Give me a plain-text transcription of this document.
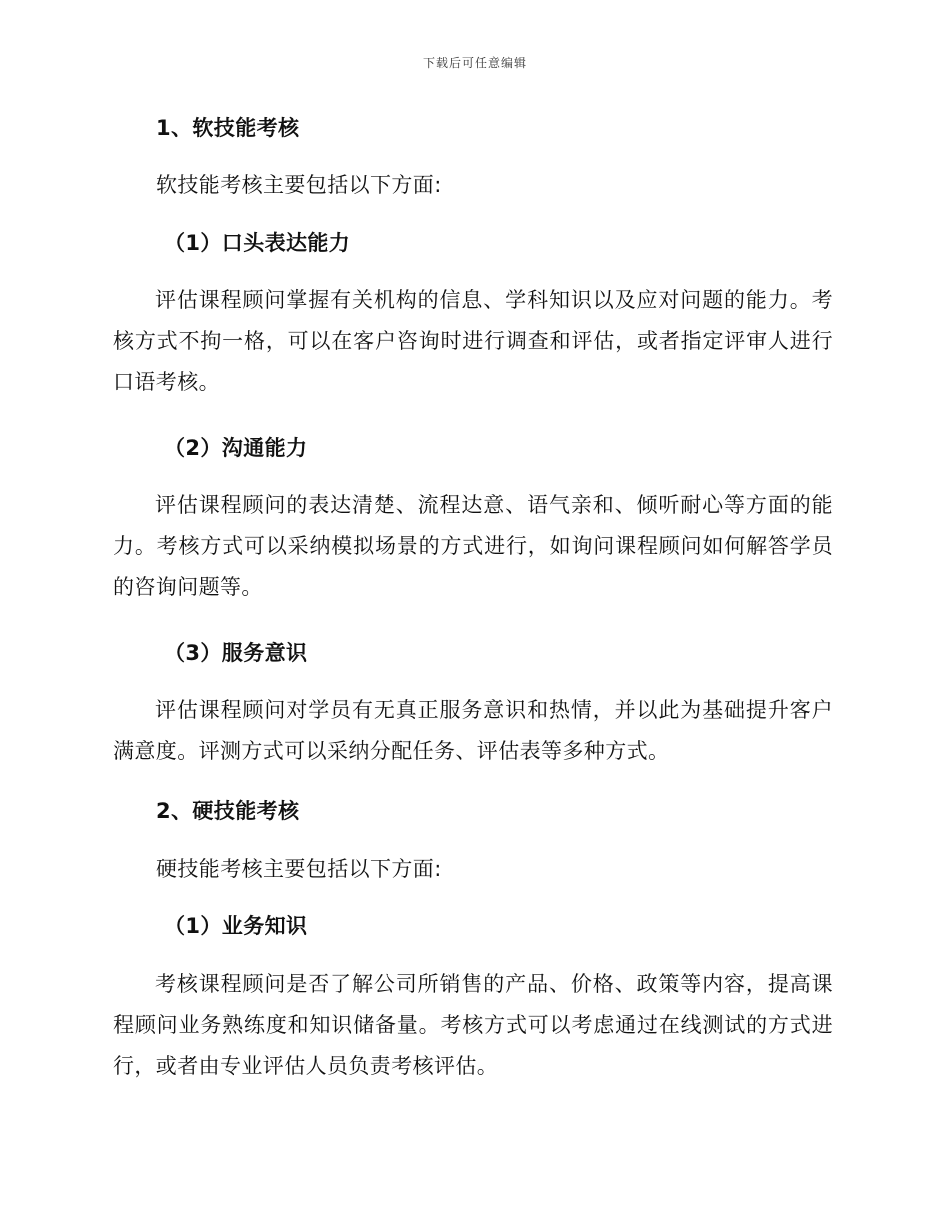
下载后可任意编辑

1、软技能考核

软技能考核主要包括以下方面:

（1）口头表达能力

评估课程顾问掌握有关机构的信息、学科知识以及应对问题的能力。考核方式不拘一格，可以在客户咨询时进行调查和评估，或者指定评审人进行口语考核。

（2）沟通能力

评估课程顾问的表达清楚、流程达意、语气亲和、倾听耐心等方面的能力。考核方式可以采纳模拟场景的方式进行，如询问课程顾问如何解答学员的咨询问题等。

（3）服务意识

评估课程顾问对学员有无真正服务意识和热情，并以此为基础提升客户满意度。评测方式可以采纳分配任务、评估表等多种方式。

2、硬技能考核

硬技能考核主要包括以下方面:

（1）业务知识

考核课程顾问是否了解公司所销售的产品、价格、政策等内容，提高课程顾问业务熟练度和知识储备量。考核方式可以考虑通过在线测试的方式进行，或者由专业评估人员负责考核评估。
